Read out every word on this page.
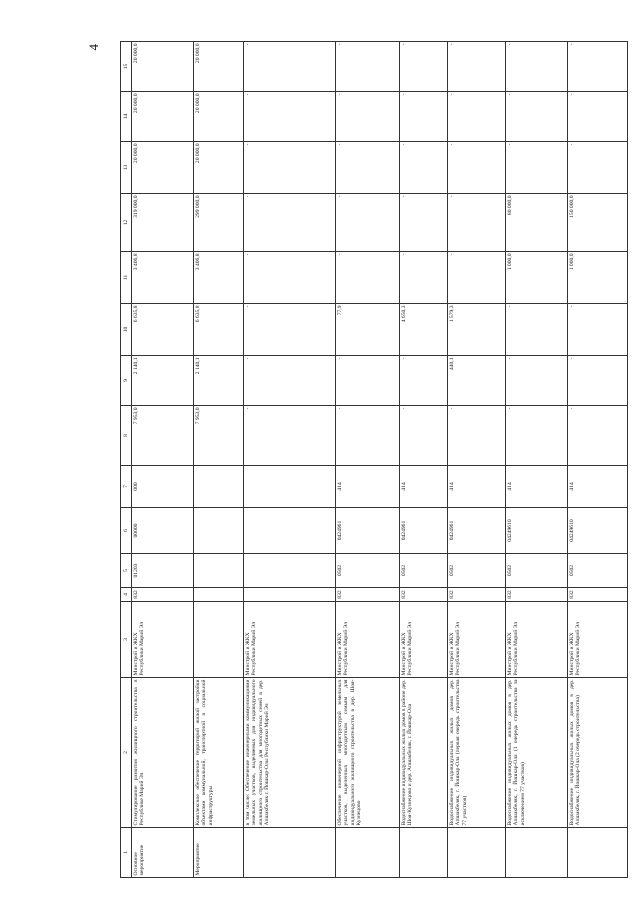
4
1	2	3	4	5	6	7	8	9	10	11	12	13	14	15
Основное мероприятие	Стимулирование развития жилищного строительства в Республике Марий Эл	Минстрой и ЖКХ Республики Марий Эл	832	01203	00000	000	7 953,0	2 140,1	6 635,8	3 406,8	319 000,0	20 000,0	20 000,0	20 000,0
Мероприятие	Комплексное обеспечение территорий жилой застройки объектами коммунальной, транспортной и социальной инфраструктуры						7 953,0	2 140,1	6 635,8	3 406,8	299 000,0	20 000,0	20 000,0	20 000,0
	в том числе: Обеспечение инженерными коммуникациями земельных участков, выделяемых для индивидуального жилищного строительства для многодетных семей в дер. Апшакбеляк г. Йошкар-Олы Республики Марий Эл	Минстрой и ЖКХ Республики Марий Эл					-	-	-	-	-	-	-	-
	Обеспечение инженерной инфраструктурой земельных участков, выделенных многодетным семьям для индивидуального жилищного строительства в дер. Шоя-Кузнецово	Минстрой и ЖКХ Республики Марий Эл	832	0502	0424961	414	-	-	77,9	-	-	-	-	-
	Водоснабжение индивидуальных жилых домов в районе дер. Шоя-Кузнецово и дер. Апшакбеляк, г. Йошкар-Ола	Минстрой и ЖКХ Республики Марий Эл	832	0502	0424961	414	-	-	4 650,3	-	-	-	-	-
	Водоснабжение индивидуальных жилых домов дер. Апшакбеляк, г. Йошкар-Ола (первая очередь строительства 77 участков)	Минстрой и ЖКХ Республики Марий Эл	832	0502	0424961	414	-	440,1	1 579,3	-	-	-	-	-
	Водоснабжение индивидуальных жилых домов в дер. Апшакбеляк, г. Йошкар-Ола (1 очередь строительства за исключением 77 участков)	Минстрой и ЖКХ Республики Марий Эл	832	0502	04249610	414	-	-	-	1 000,0	80 000,0	-	-	-
	Водоснабжение индивидуальных жилых домов в дер. Апшакбеляк, г. Йошкар-Ола (2 очередь строительства)	Минстрой и ЖКХ Республики Марий Эл	832	0502	04249610	414	-	-	-	1 000,0	150 000,0	-	-	-
